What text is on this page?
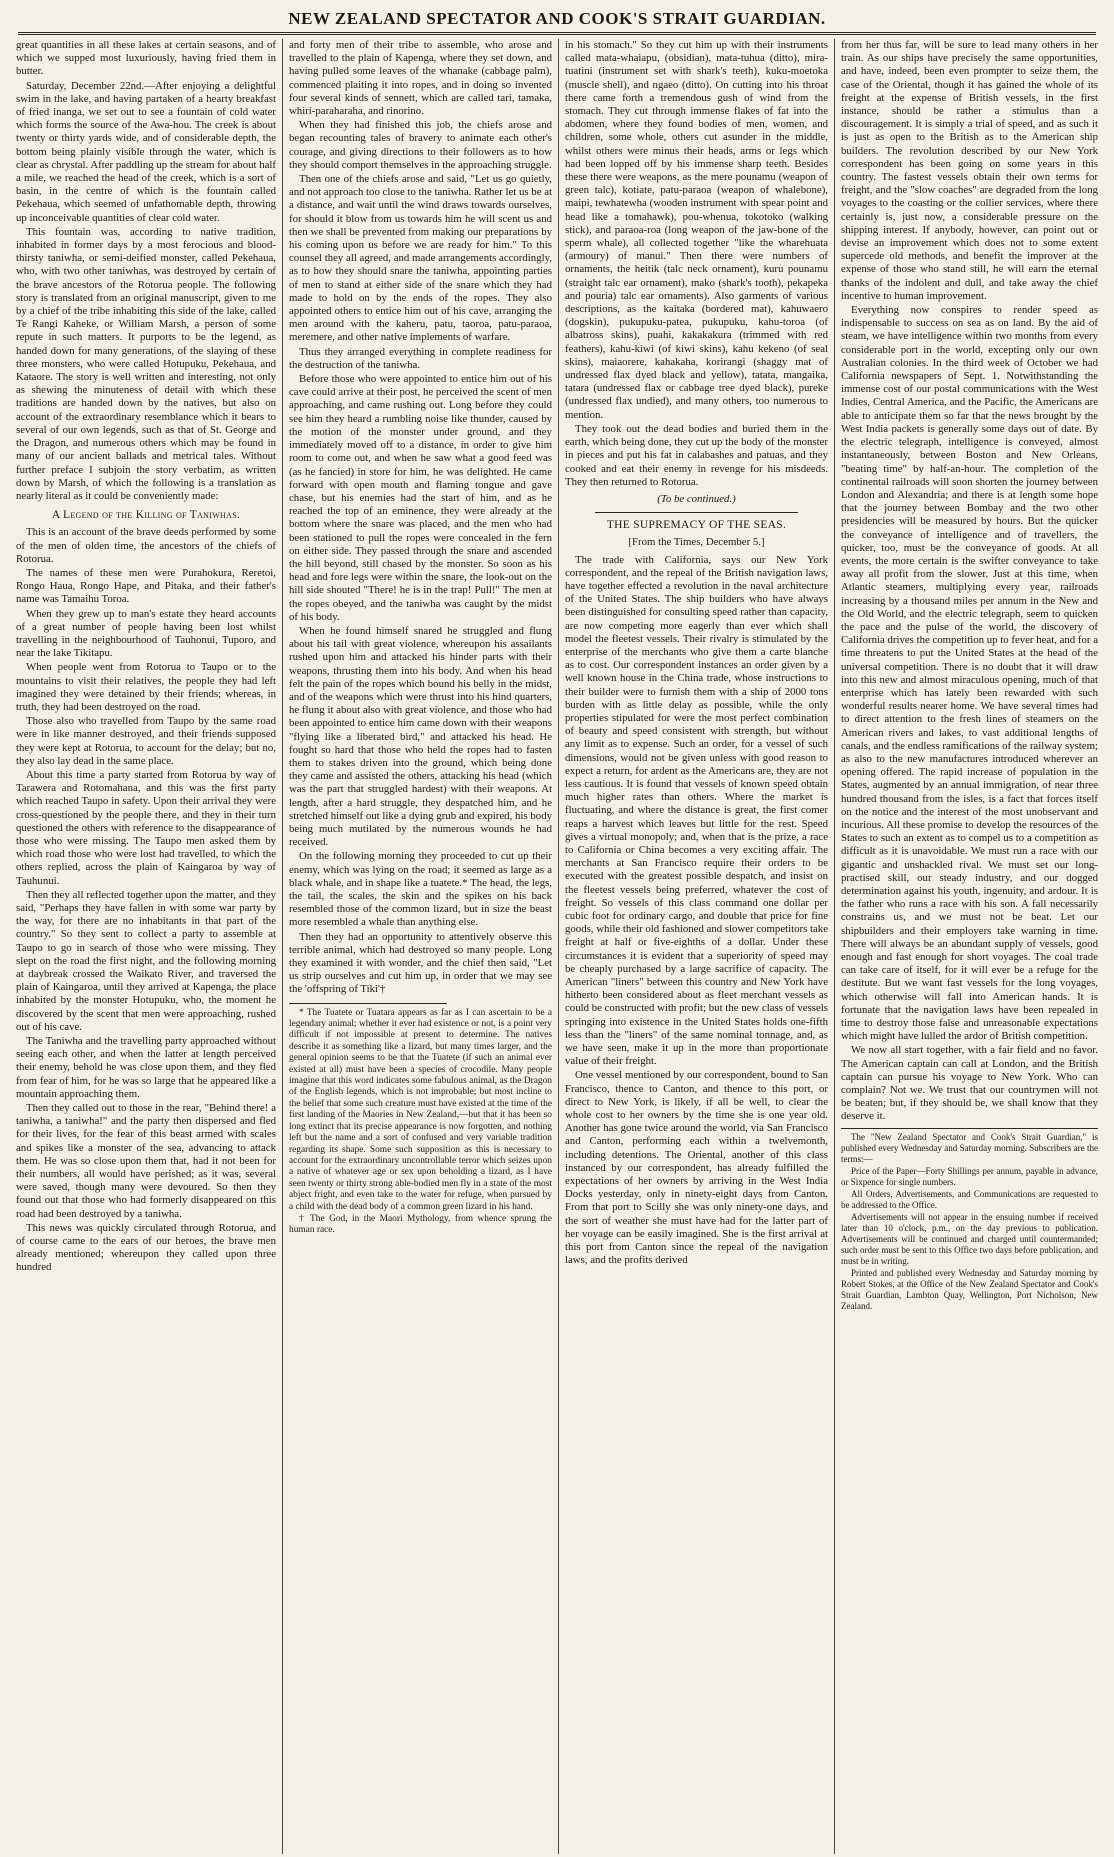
NEW ZEALAND SPECTATOR AND COOK'S STRAIT GUARDIAN.

great quantities in all these lakes at certain seasons, and of which we supped most luxuriously, having fried them in butter.

Saturday, December 22nd.—After enjoying a delightful swim in the lake, and having partaken of a hearty breakfast of fried inanga, we set out to see a fountain of cold water which forms the source of the Awa-hou. The creek is about twenty or thirty yards wide, and of considerable depth, the bottom being plainly visible through the water, which is clear as chrystal. After paddling up the stream for about half a mile, we reached the head of the creek, which is a sort of basin, in the centre of which is the fountain called Pekehaua, which seemed of unfathomable depth, throwing up inconceivable quantities of clear cold water.

This fountain was, according to native tradition, inhabited in former days by a most ferocious and blood-thirsty taniwha, or semi-deified monster, called Pekehaua, who, with two other taniwhas, was destroyed by certain of the brave ancestors of the Rotorua people. The following story is translated from an original manuscript, given to me by a chief of the tribe inhabiting this side of the lake, called Te Rangi Kaheke, or William Marsh, a person of some repute in such matters. It purports to be the legend, as handed down for many generations, of the slaying of these three monsters, who were called Hotupuku, Pekehaua, and Kataore. The story is well written and interesting, not only as shewing the minuteness of detail with which these traditions are handed down by the natives, but also on account of the extraordinary resemblance which it bears to several of our own legends, such as that of St. George and the Dragon, and numerous others which may be found in many of our ancient ballads and metrical tales. Without further preface I subjoin the story verbatim, as written down by Marsh, of which the following is a translation as nearly literal as it could be conveniently made:

A Legend of the Killing of Taniwhas.

This is an account of the brave deeds performed by some of the men of olden time, the ancestors of the chiefs of Rotorua.

The names of these men were Purahokura, Reretoi, Rongo Haua, Rongo Hape, and Pitaka, and their father's name was Tamaihu Toroa.

When they grew up to man's estate they heard accounts of a great number of people having been lost whilst travelling in the neighbourhood of Tauhonui, Tuporo, and near the lake Tikitapu.

When people went from Rotorua to Taupo or to the mountains to visit their relatives, the people they had left imagined they were detained by their friends; whereas, in truth, they had been destroyed on the road.

Those also who travelled from Taupo by the same road were in like manner destroyed, and their friends supposed they were kept at Rotorua, to account for the delay; but no, they also lay dead in the same place.

About this time a party started from Rotorua by way of Tarawera and Rotomahana, and this was the first party which reached Taupo in safety. Upon their arrival they were cross-questioned by the people there, and they in their turn questioned the others with reference to the disappearance of those who were missing. The Taupo men asked them by which road those who were lost had travelled, to which the others replied, across the plain of Kaingaroa by way of Tauhunui.

Then they all reflected together upon the matter, and they said, "Perhaps they have fallen in with some war party by the way, for there are no inhabitants in that part of the country." So they sent to collect a party to assemble at Taupo to go in search of those who were missing. They slept on the road the first night, and the following morning at daybreak crossed the Waikato River, and traversed the plain of Kaingaroa, until they arrived at Kapenga, the place inhabited by the monster Hotupuku, who, the moment he discovered by the scent that men were approaching, rushed out of his cave.

The Taniwha and the travelling party approached without seeing each other, and when the latter at length perceived their enemy, behold he was close upon them, and they fled from fear of him, for he was so large that he appeared like a mountain approaching them.

Then they called out to those in the rear, "Behind there! a taniwha, a taniwha!" and the party then dispersed and fled for their lives, for the fear of this beast armed with scales and spikes like a monster of the sea, advancing to attack them. He was so close upon them that, had it not been for their numbers, all would have perished; as it was, several were saved, though many were devoured. So then they found out that those who had formerly disappeared on this road had been destroyed by a taniwha.

This news was quickly circulated through Rotorua, and of course came to the ears of our heroes, the brave men already mentioned; whereupon they called upon three hundred

and forty men of their tribe to assemble, who arose and travelled to the plain of Kapenga, where they set down, and having pulled some leaves of the whanake (cabbage palm), commenced plaiting it into ropes, and in doing so invented four several kinds of sennett, which are called tari, tamaka, whiri-paraharaha, and rinorino.

When they had finished this job, the chiefs arose and began recounting tales of bravery to animate each other's courage, and giving directions to their followers as to how they should comport themselves in the approaching struggle.

Then one of the chiefs arose and said, "Let us go quietly, and not approach too close to the taniwha. Rather let us be at a distance, and wait until the wind draws towards ourselves, for should it blow from us towards him he will scent us and then we shall be prevented from making our preparations by his coming upon us before we are ready for him." To this counsel they all agreed, and made arrangements accordingly, as to how they should snare the taniwha, appointing parties of men to stand at either side of the snare which they had made to hold on by the ends of the ropes. They also appointed others to entice him out of his cave, arranging the men around with the kaheru, patu, taoroa, patu-paraoa, meremere, and other native implements of warfare.

Thus they arranged everything in complete readiness for the destruction of the taniwha.

Before those who were appointed to entice him out of his cave could arrive at their post, he perceived the scent of men approaching, and came rushing out. Long before they could see him they heard a rumbling noise like thunder, caused by the motion of the monster under ground, and they immediately moved off to a distance, in order to give him room to come out, and when he saw what a good feed was (as he fancied) in store for him, he was delighted. He came forward with open mouth and flaming tongue and gave chase, but his enemies had the start of him, and as he reached the top of an eminence, they were already at the bottom where the snare was placed, and the men who had been stationed to pull the ropes were concealed in the fern on either side. They passed through the snare and ascended the hill beyond, still chased by the monster. So soon as his head and fore legs were within the snare, the look-out on the hill side shouted "There! he is in the trap! Pull!" The men at the ropes obeyed, and the taniwha was caught by the midst of his body.

When he found himself snared he struggled and flung about his tail with great violence, whereupon his assailants rushed upon him and attacked his hinder parts with their weapons, thrusting them into his body. And when his head felt the pain of the ropes which bound his belly in the midst, and of the weapons which were thrust into his hind quarters, he flung it about also with great violence, and those who had been appointed to entice him came down with their weapons "flying like a liberated bird," and attacked his head. He fought so hard that those who held the ropes had to fasten them to stakes driven into the ground, which being done they came and assisted the others, attacking his head (which was the part that struggled hardest) with their weapons. At length, after a hard struggle, they despatched him, and he stretched himself out like a dying grub and expired, his body being much mutilated by the numerous wounds he had received.

On the following morning they proceeded to cut up their enemy, which was lying on the road; it seemed as large as a black whale, and in shape like a tuatete.* The head, the legs, the tail, the scales, the skin and the spikes on his back resembled those of the common lizard, but in size the beast more resembled a whale than anything else.

Then they had an opportunity to attentively observe this terrible animal, which had destroyed so many people. Long they examined it with wonder, and the chief then said, "Let us strip ourselves and cut him up, in order that we may see the 'offspring of Tiki'†

* The Tuatete or Tuatara appears as far as I can ascertain to be a legendary animal; whether it ever had existence or not, is a point very difficult if not impossible at present to determine. The natives describe it as something like a lizard, but many times larger, and the general opinion seems to be that the Tuatete (if such an animal ever existed at all) must have been a species of crocodile. Many people imagine that this word indicates some fabulous animal, as the Dragon of the English legends, which is not improbable; but most incline to the belief that some such creature must have existed at the time of the first landing of the Maories in New Zealand,—but that it has been so long extinct that its precise appearance is now forgotten, and nothing left but the name and a sort of confused and very variable tradition regarding its shape. Some such supposition as this is necessary to account for the extraordinary uncontrollable terror which seizes upon a native of whatever age or sex upon beholding a lizard, as I have seen twenty or thirty strong able-bodied men fly in a state of the most abject fright, and even take to the water for refuge, when pursued by a child with the dead body of a common green lizard in his hand.

† The God, in the Maori Mythology, from whence sprung the human race.

in his stomach." So they cut him up with their instruments called mata-whaiapu, (obsidian), mata-tuhua (ditto), mira-tuatini (instrument set with shark's teeth), kuku-moetoka (muscle shell), and ngaeo (ditto). On cutting into his throat there came forth a tremendous gush of wind from the stomach. They cut through immense flakes of fat into the abdomen, where they found bodies of men, women, and children, some whole, others cut asunder in the middle, whilst others were minus their heads, arms or legs which had been lopped off by his immense sharp teeth. Besides these there were weapons, as the mere pounamu (weapon of green talc), kotiate, patu-paraoa (weapon of whalebone), maipi, tewhatewha (wooden instrument with spear point and head like a tomahawk), pou-whenua, tokotoko (walking stick), and paraoa-roa (long weapon of the jaw-bone of the sperm whale), all collected together "like the wharehuata (armoury) of manui." Then there were numbers of ornaments, the heitik (talc neck ornament), kuru pounamu (straight talc ear ornament), mako (shark's tooth), pekapeka and pouria) talc ear ornaments). Also garments of various descriptions, as the kaitaka (bordered mat), kahuwaero (dogskin), pukupuku-patea, pukupuku, kahu-toroa (of albatross skins), puahi, kakakakura (trimmed with red feathers), kahu-kiwi (of kiwi skins), kahu kekeno (of seal skins), maiaorere, kahakaha, korirangi (shaggy mat of undressed flax dyed black and yellow), tatata, mangaika, tatara (undressed flax or cabbage tree dyed black), pureke (undressed flax undied), and many others, too numerous to mention.

They took out the dead bodies and buried them in the earth, which being done, they cut up the body of the monster in pieces and put his fat in calabashes and patuas, and they cooked and eat their enemy in revenge for his misdeeds. They then returned to Rotorua.

(To be continued.)

THE SUPREMACY OF THE SEAS.

[From the Times, December 5.]

The trade with California, says our New York correspondent, and the repeal of the British navigation laws, have together effected a revolution in the naval architecture of the United States. The ship builders who have always been distinguished for consulting speed rather than capacity, are now competing more eagerly than ever which shall model the fleetest vessels. Their rivalry is stimulated by the enterprise of the merchants who give them a carte blanche as to cost. Our correspondent instances an order given by a well known house in the China trade, whose instructions to their builder were to furnish them with a ship of 2000 tons burden with as little delay as possible, while the only properties stipulated for were the most perfect combination of beauty and speed consistent with strength, but without any limit as to expense. Such an order, for a vessel of such dimensions, would not be given unless with good reason to expect a return, for ardent as the Americans are, they are not less cautious. It is found that vessels of known speed obtain much higher rates than others. Where the market is fluctuating, and where the distance is great, the first comer reaps a harvest which leaves but little for the rest. Speed gives a virtual monopoly; and, when that is the prize, a race to California or China becomes a very exciting affair. The merchants at San Francisco require their orders to be executed with the greatest possible despatch, and insist on the fleetest vessels being preferred, whatever the cost of freight. So vessels of this class command one dollar per cubic foot for ordinary cargo, and double that price for fine goods, while their old fashioned and slower competitors take freight at half or five-eighths of a dollar. Under these circumstances it is evident that a superiority of speed may be cheaply purchased by a large sacrifice of capacity. The American "liners" between this country and New York have hitherto been considered about as fleet merchant vessels as could be constructed with profit; but the new class of vessels springing into existence in the United States holds one-fifth less than the "liners" of the same nominal tonnage, and, as we have seen, make it up in the more than proportionate value of their freight.

One vessel mentioned by our correspondent, bound to San Francisco, thence to Canton, and thence to this port, or direct to New York, is likely, if all be well, to clear the whole cost to her owners by the time she is one year old. Another has gone twice around the world, via San Francisco and Canton, performing each within a twelvemonth, including detentions. The Oriental, another of this class instanced by our correspondent, has already fulfilled the expectations of her owners by arriving in the West India Docks yesterday, only in ninety-eight days from Canton. From that port to Scilly she was only ninety-one days, and the sort of weather she must have had for the latter part of her voyage can be easily imagined. She is the first arrival at this port from Canton since the repeal of the navigation laws, and the profits derived

from her thus far, will be sure to lead many others in her train. As our ships have precisely the same opportunities, and have, indeed, been even prompter to seize them, the case of the Oriental, though it has gained the whole of its freight at the expense of British vessels, in the first instance, should be rather a stimulus than a discouragement. It is simply a trial of speed, and as such it is just as open to the British as to the American ship builders. The revolution described by our New York correspondent has been going on some years in this country. The fastest vessels obtain their own terms for freight, and the "slow coaches" are degraded from the long voyages to the coasting or the collier services, where there certainly is, just now, a considerable pressure on the shipping interest. If anybody, however, can point out or devise an improvement which does not to some extent supercede old methods, and benefit the improver at the expense of those who stand still, he will earn the eternal thanks of the indolent and dull, and take away the chief incentive to human improvement.

Everything now conspires to render speed as indispensable to success on sea as on land. By the aid of steam, we have intelligence within two months from every considerable port in the world, excepting only our own Australian colonies. In the third week of October we had California newspapers of Sept. 1. Notwithstanding the immense cost of our postal communications with the West Indies, Central America, and the Pacific, the Americans are able to anticipate them so far that the news brought by the West India packets is generally some days out of date. By the electric telegraph, intelligence is conveyed, almost instantaneously, between Boston and New Orleans, "beating time" by half-an-hour. The completion of the continental railroads will soon shorten the journey between London and Alexandria; and there is at length some hope that the journey between Bombay and the two other presidencies will be measured by hours. But the quicker the conveyance of intelligence and of travellers, the quicker, too, must be the conveyance of goods. At all events, the more certain is the swifter conveyance to take away all profit from the slower. Just at this time, when Atlantic steamers, multiplying every year, railroads increasing by a thousand miles per annum in the New and the Old World, and the electric telegraph, seem to quicken the pace and the pulse of the world, the discovery of California drives the competition up to fever heat, and for a time threatens to put the United States at the head of the universal competition. There is no doubt that it will draw into this new and almost miraculous opening, much of that enterprise which has lately been rewarded with such wonderful results nearer home. We have several times had to direct attention to the fresh lines of steamers on the American rivers and lakes, to vast additional lengths of canals, and the endless ramifications of the railway system; as also to the new manufactures introduced wherever an opening offered. The rapid increase of population in the States, augmented by an annual immigration, of near three hundred thousand from the isles, is a fact that forces itself on the notice and the interest of the most unobservant and incurious. All these promise to develop the resources of the States to such an extent as to compel us to a competition as difficult as it is unavoidable. We must run a race with our gigantic and unshackled rival. We must set our long-practised skill, our steady industry, and our dogged determination against his youth, ingenuity, and ardour. It is the father who runs a race with his son. A fall necessarily constrains us, and we must not be beat. Let our shipbuilders and their employers take warning in time. There will always be an abundant supply of vessels, good enough and fast enough for short voyages. The coal trade can take care of itself, for it will ever be a refuge for the destitute. But we want fast vessels for the long voyages, which otherwise will fall into American hands. It is fortunate that the navigation laws have been repealed in time to destroy those false and unreasonable expectations which might have lulled the ardor of British competition.

We now all start together, with a fair field and no favor. The American captain can call at London, and the British captain can pursue his voyage to New York. Who can complain? Not we. We trust that our countrymen will not be beaten; but, if they should be, we shall know that they deserve it.

The "New Zealand Spectator and Cook's Strait Guardian," is published every Wednesday and Saturday morning. Subscribers are the terms:—

Price of the Paper—Forty Shillings per annum, payable in advance, or Sixpence for single numbers.

All Orders, Advertisements, and Communications are requested to be addressed to the Office.

Advertisements will not appear in the ensuing number if received later than 10 o'clock, p.m., on the day previous to publication. Advertisements will be continued and charged until countermanded; such order must be sent to this Office two days before publication, and must be in writing.

Printed and published every Wednesday and Saturday morning by Robert Stokes, at the Office of the New Zealand Spectator and Cook's Strait Guardian, Lambton Quay, Wellington, Port Nicholson, New Zealand.
